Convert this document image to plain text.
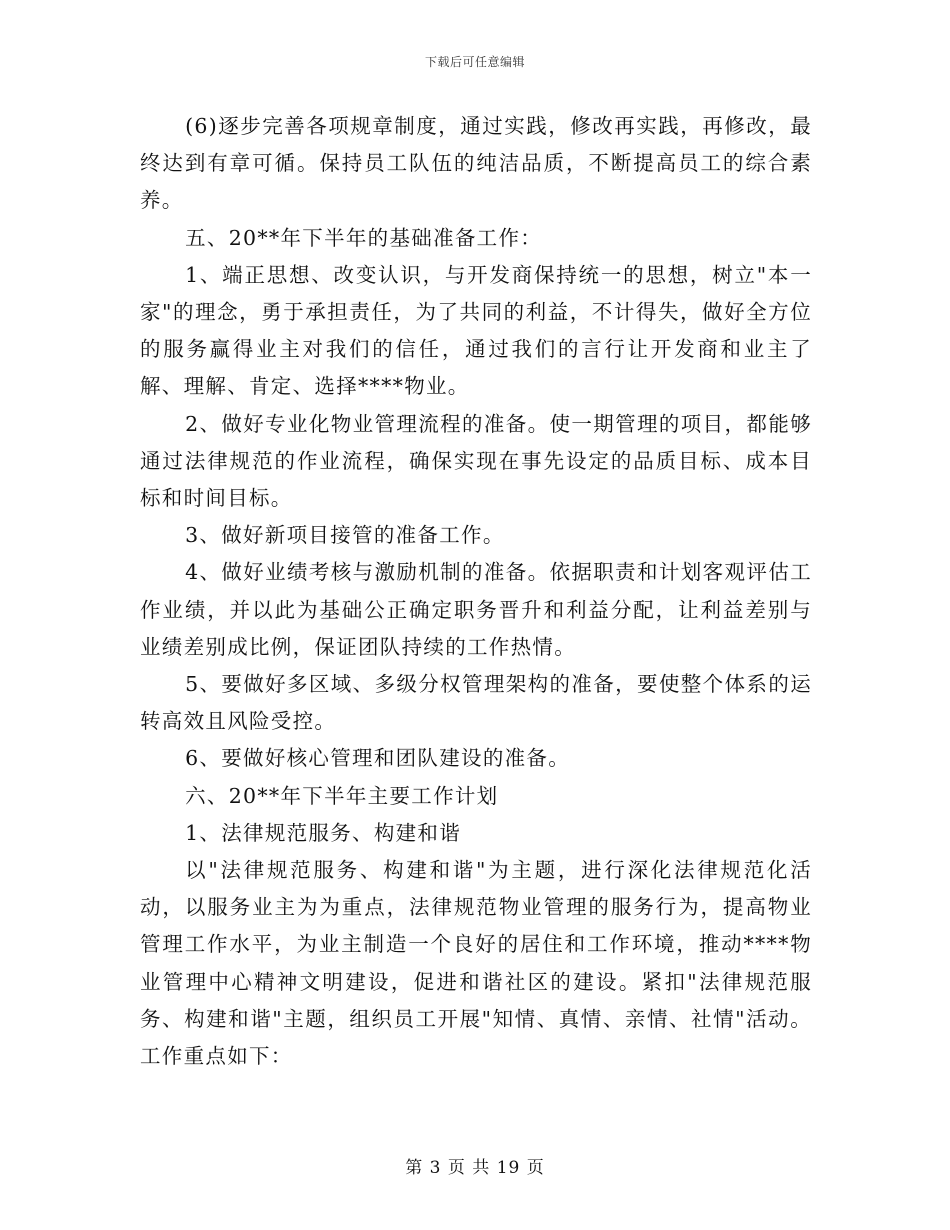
下载后可任意编辑

(6)逐步完善各项规章制度，通过实践，修改再实践，再修改，最终达到有章可循。保持员工队伍的纯洁品质，不断提高员工的综合素养。

五、20**年下半年的基础准备工作：

1、端正思想、改变认识，与开发商保持统一的思想，树立"本一家"的理念，勇于承担责任，为了共同的利益，不计得失，做好全方位的服务赢得业主对我们的信任，通过我们的言行让开发商和业主了解、理解、肯定、选择****物业。

2、做好专业化物业管理流程的准备。使一期管理的项目，都能够通过法律规范的作业流程，确保实现在事先设定的品质目标、成本目标和时间目标。

3、做好新项目接管的准备工作。

4、做好业绩考核与激励机制的准备。依据职责和计划客观评估工作业绩，并以此为基础公正确定职务晋升和利益分配，让利益差别与业绩差别成比例，保证团队持续的工作热情。

5、要做好多区域、多级分权管理架构的准备，要使整个体系的运转高效且风险受控。

6、要做好核心管理和团队建设的准备。

六、20**年下半年主要工作计划

1、法律规范服务、构建和谐

以"法律规范服务、构建和谐"为主题，进行深化法律规范化活动，以服务业主为为重点，法律规范物业管理的服务行为，提高物业管理工作水平，为业主制造一个良好的居住和工作环境，推动****物业管理中心精神文明建设，促进和谐社区的建设。紧扣"法律规范服务、构建和谐"主题，组织员工开展"知情、真情、亲情、社情"活动。工作重点如下：

第 3 页 共 19 页
